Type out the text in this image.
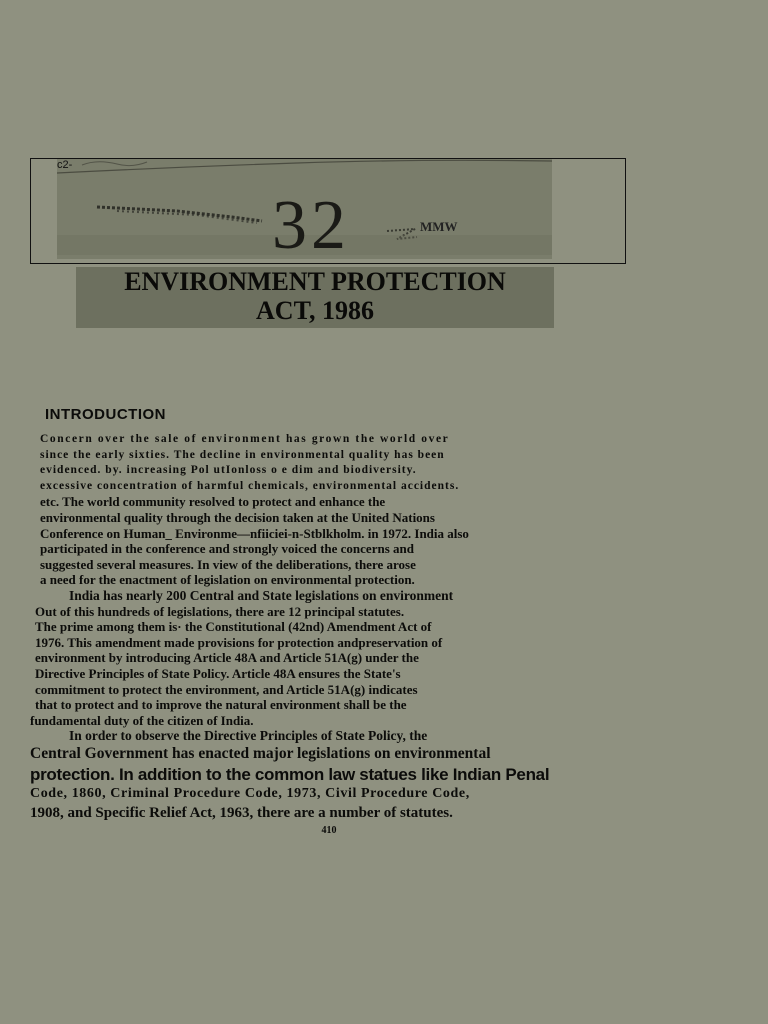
c2-
32	MMW
ENVIRONMENT PROTECTION
ACT, 1986
INTRODUCTION
Concern over the sale of environment has grown the world over
since the early sixties. The decline in environmental quality has been
evidenced. by. increasing Pol utIonloss o e dim and biodiversity.
excessive concentration of harmful chemicals, environmental accidents.
etc. The world community resolved to protect and enhance the
environmental quality through the decision taken at the United Nations
Conference on Human_ Environme—nfiiciei-n-Stblkholm. in 1972. India also
participated in the conference and strongly voiced the concerns and
suggested several measures. In view of the deliberations, there arose
a need for the enactment of legislation on environmental protection.
India has nearly 200 Central and State legislations on environment
Out of this hundreds of legislations, there are 12 principal statutes.
The prime among them is· the Constitutional (42nd) Amendment Act of
1976. This amendment made provisions for protection andpreservation of
environment by introducing Article 48A and Article 51A(g) under the
Directive Principles of State Policy. Article 48A ensures the State's
commitment to protect the environment, and Article 51A(g) indicates
that to protect and to improve the natural environment shall be the
fundamental duty of the citizen of India.
In order to observe the Directive Principles of State Policy, the
Central Government has enacted major legislations on environmental
protection. In addition to the common law statues like Indian Penal
Code, 1860, Criminal Procedure Code, 1973, Civil Procedure Code,
1908, and Specific Relief Act, 1963, there are a number of statutes.
410
